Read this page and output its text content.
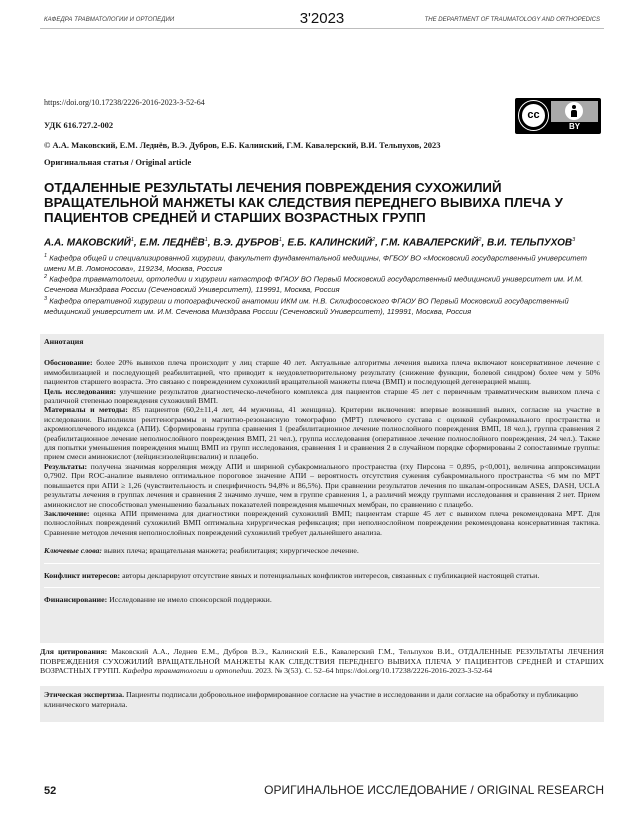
КАФЕДРА ТРАВМАТОЛОГИИ И ОРТОПЕДИИ	3'2023	THE DEPARTMENT OF TRAUMATOLOGY AND ORTHOPEDICS
https://doi.org/10.17238/2226-2016-2023-3-52-64
УДК 616.727.2-002
© А.А. Маковский, Е.М. Леднёв, В.Э. Дубров, Е.Б. Калинский, Г.М. Кавалерский, В.И. Тельпухов, 2023
Оригинальная статья / Original article
cc
BY
ОТДАЛЕННЫЕ РЕЗУЛЬТАТЫ ЛЕЧЕНИЯ ПОВРЕЖДЕНИЯ СУХОЖИЛИЙ ВРАЩАТЕЛЬНОЙ МАНЖЕТЫ КАК СЛЕДСТВИЯ ПЕРЕДНЕГО ВЫВИХА ПЛЕЧА У ПАЦИЕНТОВ СРЕДНЕЙ И СТАРШИХ ВОЗРАСТНЫХ ГРУПП
А.А. МАКОВСКИЙ$^1$, Е.М. ЛЕДНЁВ$^1$, В.Э. ДУБРОВ$^1$, Е.Б. КАЛИНСКИЙ$^2$, Г.М. КАВАЛЕРСКИЙ$^2$, В.И. ТЕЛЬПУХОВ$^3$
$^1$ Кафедра общей и специализированной хирургии, факультет фундаментальной медицины, ФГБОУ ВО «Московский государственный университет имени М.В. Ломоносова», 119234, Москва, Россия
$^2$ Кафедра травматологии, ортопедии и хирургии катастроф ФГАОУ ВО Первый Московский государственный медицинский университет им. И.М. Сеченова Минздрава России (Сеченовский Университет), 119991, Москва, Россия
$^3$ Кафедра оперативной хирургии и топографической анатомии ИКМ им. Н.В. Склифосовского ФГАОУ ВО Первый Московский государственный медицинский университет им. И.М. Сеченова Минздрава России (Сеченовский Университет), 119991, Москва, Россия

Аннотация

Обоснование: более 20% вывихов плеча происходит у лиц старше 40 лет. Актуальные алгоритмы лечения вывиха плеча включают консервативное лечение с иммобилизацией и последующей реабилитацией, что приводит к неудовлетворительному результату (снижение функции, болевой синдром) более чем у 50% пациентов старшего возраста. Это связано с повреждением сухожилий вращательной манжеты плеча (ВМП) и последующей дегенерацией мышц.

Цель исследования: улучшение результатов диагностическо-лечебного комплекса для пациентов старше 45 лет с первичным травматическим вывихом плеча с различной степенью повреждения сухожилий ВМП.

Материалы и методы: 85 пациентов (60,2±11,4 лет, 44 мужчины, 41 женщина). Критерии включения: впервые вознкиший вывих, согласие на участие в исследовании. Выполнили рентгенограммы и магнитно-резонансную томографию (МРТ) плечевого сустава с оценкой субакромиального пространства и акромиоплечевого индекса (АПИ). Сформированы группа сравнения 1 (реабилитационное лечение полнослойного повреждения ВМП, 18 чел.), группа сравнения 2 (реабилитационное лечение неполнослойного повреждения ВМП, 21 чел.), группа исследования (оперативное лечение полнослойного повреждения, 24 чел.). Также для попытки уменьшения повреждения мышц ВМП из групп исследования, сравнения 1 и сравнения 2 в случайном порядке сформированы 2 сопоставимые группы: прием смеси аминокислот (лейцин:изолейцин:валин) и плацебо.

Результаты: получена значимая корреляция между АПИ и шириной субакромиального пространства (rxy Пирсона = 0,895, p<0,001), величина аппроксимации 0,7902. При ROC-анализе выявлено оптимальное пороговое значение АПИ – вероятность отсутствия сужения субакромиального пространства <6 мм по МРТ повышается при АПИ ≥ 1,26 (чувствительность и специфичность 94,8% и 86,5%). При сравнении результатов лечения по шкалам-опросникам ASES, DASH, UCLA результаты лечения в группах лечения и сравнения 2 значимо лучше, чем в группе сравнения 1, а различий между группами исследования и сравнения 2 нет. Прием аминокислот не способствовал уменьшению базальных показателей повреждения мышечных мембран, по сравнению с плацебо.

Заключение: оценка АПИ применима для диагностики повреждений сухожилий ВМП; пациентам старше 45 лет с вывихом плеча рекомендована МРТ. Для полнослойных повреждений сухожилий ВМП оптимальна хирургическая рефиксация; при неполнослойном повреждении рекомендована консервативная тактика. Сравнение методов лечения неполнослойных повреждений сухожилий требует дальнейшего анализа.

Ключевые слова: вывих плеча; вращательная манжета; реабилитация; хирургическое лечение.

Конфликт интересов: авторы декларируют отсутствие явных и потенциальных конфликтов интересов, связанных с публикацией настоящей статьи.

Финансирование: Исследование не имело спонсорской поддержки.

Для цитирования: Маковский А.А., Леднев Е.М., Дубров В.Э., Калинский Е.Б., Кавалерский Г.М., Тельпухов В.И., ОТДАЛЕННЫЕ РЕЗУЛЬТАТЫ ЛЕЧЕНИЯ ПОВРЕЖДЕНИЯ СУХОЖИЛИЙ ВРАЩАТЕЛЬНОЙ МАНЖЕТЫ КАК СЛЕДСТВИЯ ПЕРЕДНЕГО ВЫВИХА ПЛЕЧА У ПАЦИЕНТОВ СРЕДНЕЙ И СТАРШИХ ВОЗРАСТНЫХ ГРУПП. Кафедра травматологии и ортопедии. 2023. № 3(53). С. 52–64 https://doi.org/10.17238/2226-2016-2023-3-52-64
Этическая экспертиза. Пациенты подписали добровольное информированное согласие на участие в исследовании и дали согласие на обработку и публикацию клинического материала.
52	ОРИГИНАЛЬНОЕ ИССЛЕДОВАНИЕ / ORIGINAL RESEARCH
